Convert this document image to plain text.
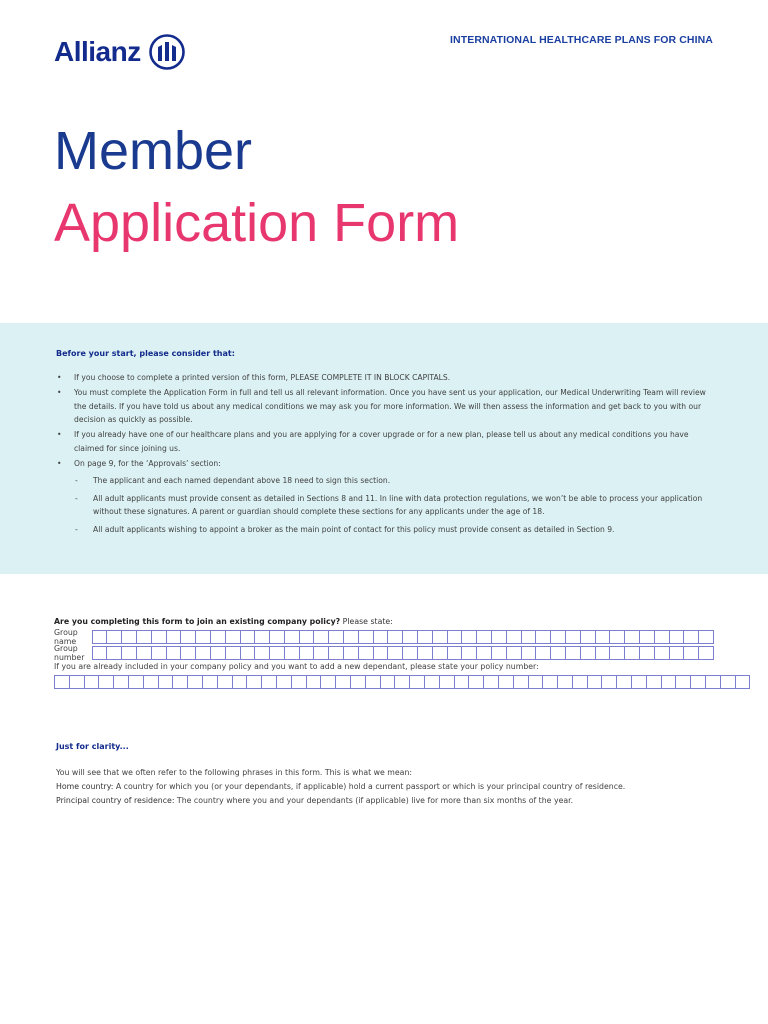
Allianz	INTERNATIONAL HEALTHCARE PLANS FOR CHINA
Member
Application Form
Before your start, please consider that:
• If you choose to complete a printed version of this form, PLEASE COMPLETE IT IN BLOCK CAPITALS.
• You must complete the Application Form in full and tell us all relevant information. Once you have sent us your application, our Medical Underwriting Team will review the details. If you have told us about any medical conditions we may ask you for more information. We will then assess the information and get back to you with our decision as quickly as possible.
• If you already have one of our healthcare plans and you are applying for a cover upgrade or for a new plan, please tell us about any medical conditions you have claimed for since joining us.
• On page 9, for the ‘Approvals’ section:
- The applicant and each named dependant above 18 need to sign this section.
- All adult applicants must provide consent as detailed in Sections 8 and 11. In line with data protection regulations, we won’t be able to process your application without these signatures. A parent or guardian should complete these sections for any applicants under the age of 18.
- All adult applicants wishing to appoint a broker as the main point of contact for this policy must provide consent as detailed in Section 9.
Are you completing this form to join an existing company policy? Please state:
Group name
Group number
If you are already included in your company policy and you want to add a new dependant, please state your policy number:
Just for clarity...
You will see that we often refer to the following phrases in this form. This is what we mean:
Home country: A country for which you (or your dependants, if applicable) hold a current passport or which is your principal country of residence.
Principal country of residence: The country where you and your dependants (if applicable) live for more than six months of the year.
